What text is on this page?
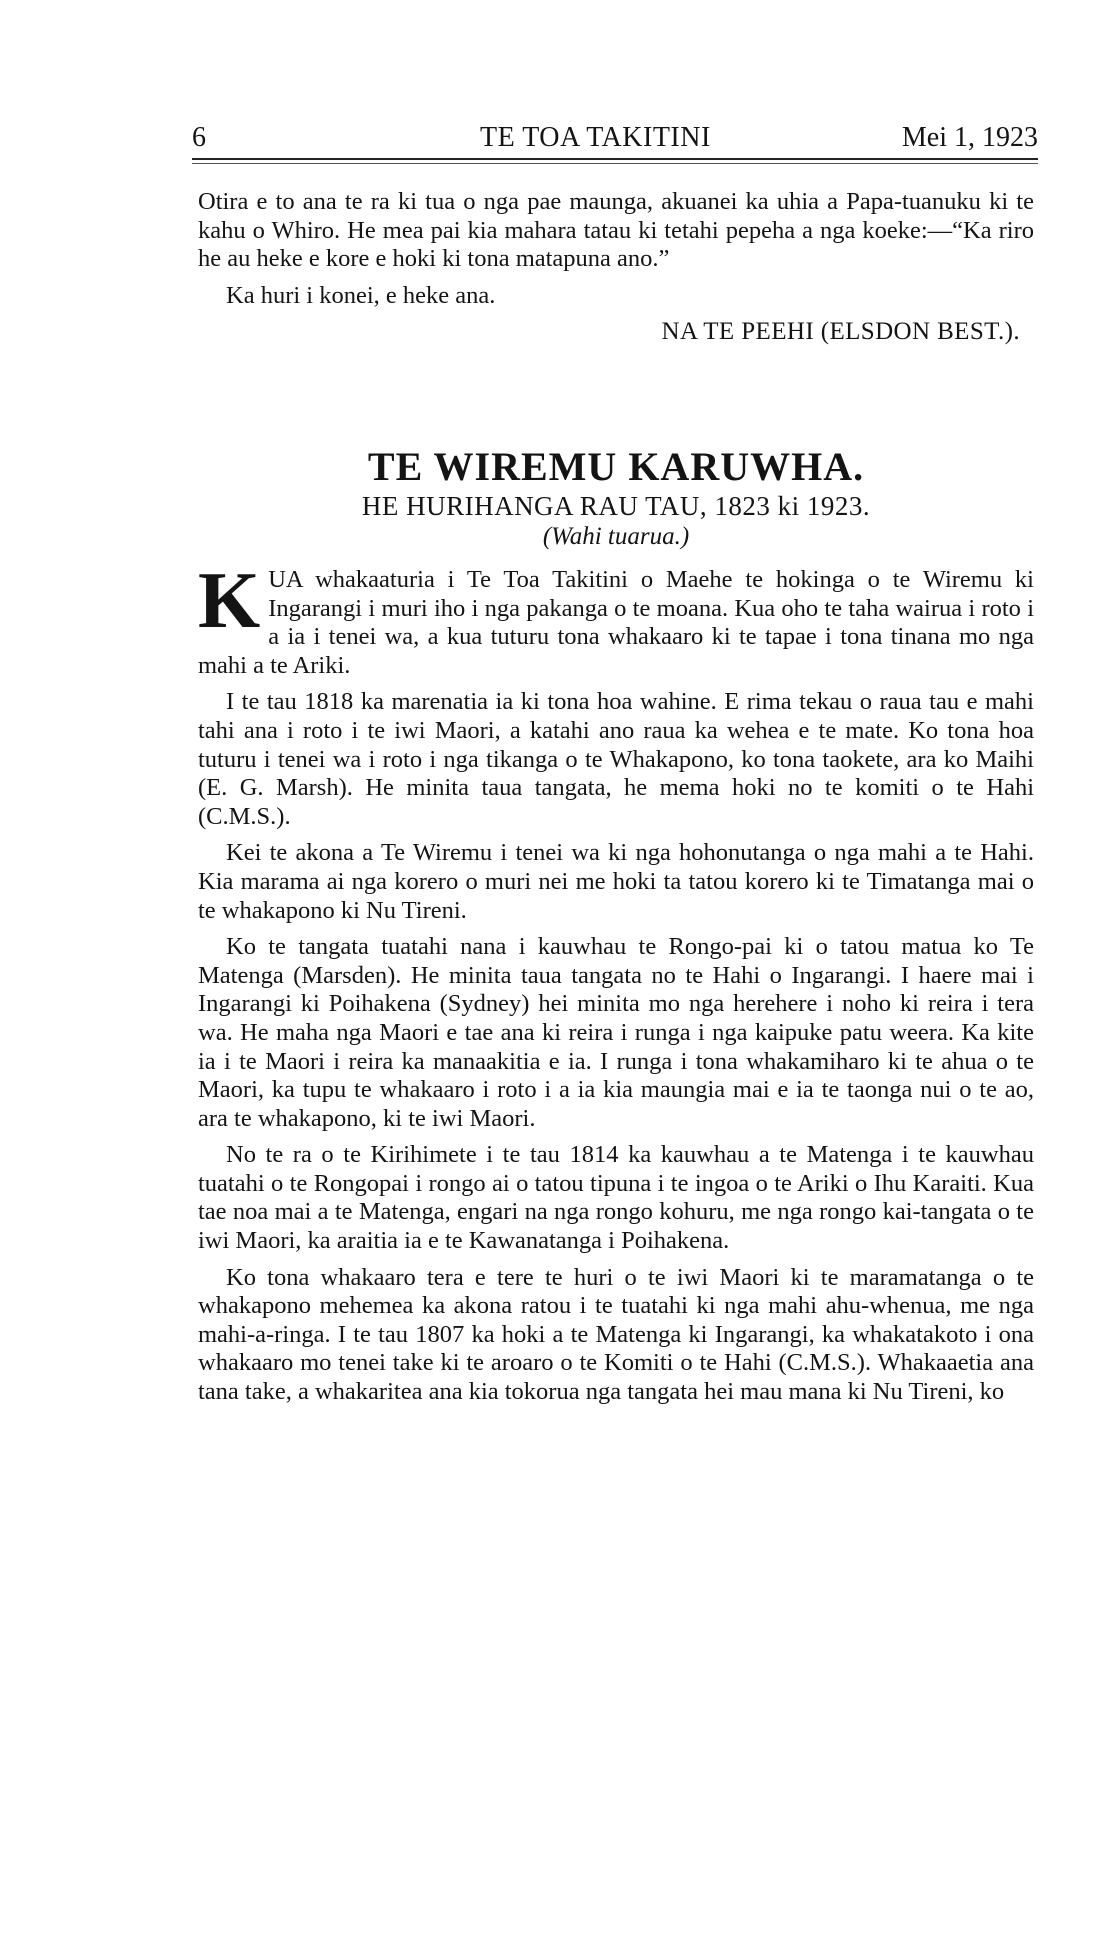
6	TE TOA TAKITINI	Mei 1, 1923

Otira e to ana te ra ki tua o nga pae maunga, akuanei ka uhia a Papa-tuanuku ki te kahu o Whiro. He mea pai kia mahara tatau ki tetahi pepeha a nga koeke:—“Ka riro he au heke e kore e hoki ki tona matapuna ano.”

Ka huri i konei, e heke ana.

NA TE PEEHI (ELSDON BEST.).

TE WIREMU KARUWHA.
HE HURIHANGA RAU TAU, 1823 ki 1923.
(Wahi tuarua.)

KUA whakaaturia i Te Toa Takitini o Maehe te hokinga o te Wiremu ki Ingarangi i muri iho i nga pakanga o te moana. Kua oho te taha wairua i roto i a ia i tenei wa, a kua tuturu tona whakaaro ki te tapae i tona tinana mo nga mahi a te Ariki.

I te tau 1818 ka marenatia ia ki tona hoa wahine. E rima tekau o raua tau e mahi tahi ana i roto i te iwi Maori, a katahi ano raua ka wehea e te mate. Ko tona hoa tuturu i tenei wa i roto i nga tikanga o te Whakapono, ko tona taokete, ara ko Maihi (E. G. Marsh). He minita taua tangata, he mema hoki no te komiti o te Hahi (C.M.S.).

Kei te akona a Te Wiremu i tenei wa ki nga hohonutanga o nga mahi a te Hahi. Kia marama ai nga korero o muri nei me hoki ta tatou korero ki te Timatanga mai o te whakapono ki Nu Tireni.

Ko te tangata tuatahi nana i kauwhau te Rongo-pai ki o tatou matua ko Te Matenga (Marsden). He minita taua tangata no te Hahi o Ingarangi. I haere mai i Ingarangi ki Poihakena (Sydney) hei minita mo nga herehere i noho ki reira i tera wa. He maha nga Maori e tae ana ki reira i runga i nga kaipuke patu weera. Ka kite ia i te Maori i reira ka manaakitia e ia. I runga i tona whakamiharo ki te ahua o te Maori, ka tupu te whakaaro i roto i a ia kia maungia mai e ia te taonga nui o te ao, ara te whakapono, ki te iwi Maori.

No te ra o te Kirihimete i te tau 1814 ka kauwhau a te Matenga i te kauwhau tuatahi o te Rongopai i rongo ai o tatou tipuna i te ingoa o te Ariki o Ihu Karaiti. Kua tae noa mai a te Matenga, engari na nga rongo kohuru, me nga rongo kai-tangata o te iwi Maori, ka araitia ia e te Kawanatanga i Poihakena.

Ko tona whakaaro tera e tere te huri o te iwi Maori ki te maramatanga o te whakapono mehemea ka akona ratou i te tuatahi ki nga mahi ahu-whenua, me nga mahi-a-ringa. I te tau 1807 ka hoki a te Matenga ki Ingarangi, ka whakatakoto i ona whakaaro mo tenei take ki te aroaro o te Komiti o te Hahi (C.M.S.). Whakaaetia ana tana take, a whakaritea ana kia tokorua nga tangata hei mau mana ki Nu Tireni, ko
